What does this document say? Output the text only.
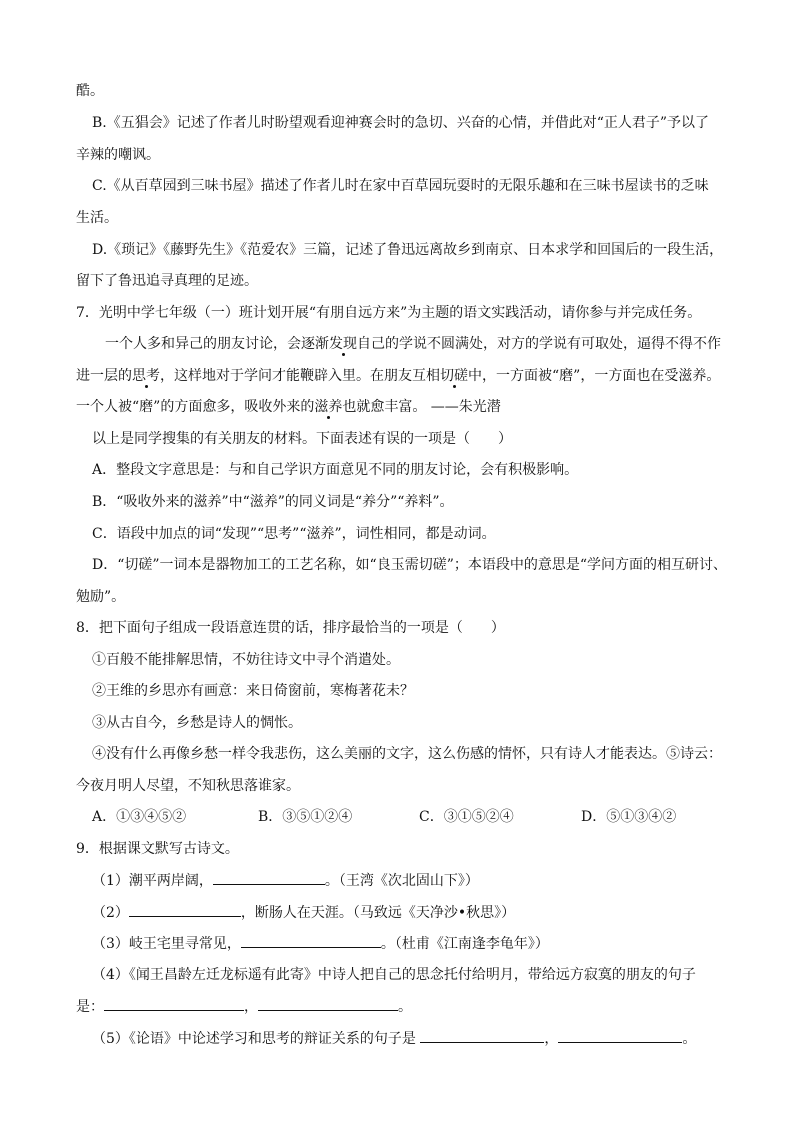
酷。
B.《五猖会》记述了作者儿时盼望观看迎神赛会时的急切、兴奋的心情，并借此对“正人君子”予以了
辛辣的嘲讽。
C.《从百草园到三味书屋》描述了作者儿时在家中百草园玩耍时的无限乐趣和在三味书屋读书的乏味
生活。
D.《琐记》《藤野先生》《范爱农》三篇，记述了鲁迅远离故乡到南京、日本求学和回国后的一段生活，
留下了鲁迅追寻真理的足迹。
7．光明中学七年级（一）班计划开展“有朋自远方来”为主题的语文实践活动，请你参与并完成任务。
一个人多和异己的朋友讨论，会逐渐发现自己的学说不圆满处，对方的学说有可取处，逼得不得不作
进一层的思考，这样地对于学问才能鞭辟入里。在朋友互相切磋中，一方面被“磨”，一方面也在受滋养。
一个人被“磨”的方面愈多，吸收外来的滋养也就愈丰富。 ——朱光潜
以上是同学搜集的有关朋友的材料。下面表述有误的一项是（　　）
A．整段文字意思是：与和自己学识方面意见不同的朋友讨论，会有积极影响。
B．“吸收外来的滋养”中“滋养”的同义词是“养分”“养料”。
C．语段中加点的词“发现”“思考”“滋养”，词性相同，都是动词。
D．“切磋”一词本是器物加工的工艺名称，如“良玉需切磋”；本语段中的意思是“学问方面的相互研讨、
勉励”。
8．把下面句子组成一段语意连贯的话，排序最恰当的一项是（　　）
①百般不能排解思情，不妨往诗文中寻个消遣处。
②王维的乡思亦有画意：来日倚窗前，寒梅著花未？
③从古自今，乡愁是诗人的惆怅。
④没有什么再像乡愁一样令我悲伤，这么美丽的文字，这么伤感的情怀，只有诗人才能表达。⑤诗云：
今夜月明人尽望，不知秋思落谁家。
A．①③④⑤②	B．③⑤①②④	C．③①⑤②④	D．⑤①③④②
9．根据课文默写古诗文。
（1）潮平两岸阔，	。（王湾《次北固山下》）
（2）	，断肠人在天涯。（马致远《天净沙•秋思》）
（3）岐王宅里寻常见，	。（杜甫《江南逢李龟年》）
（4）《闻王昌龄左迁龙标遥有此寄》中诗人把自己的思念托付给明月，带给远方寂寞的朋友的句子
是：	，	。
（5）《论语》中论述学习和思考的辩证关系的句子是	，	。
